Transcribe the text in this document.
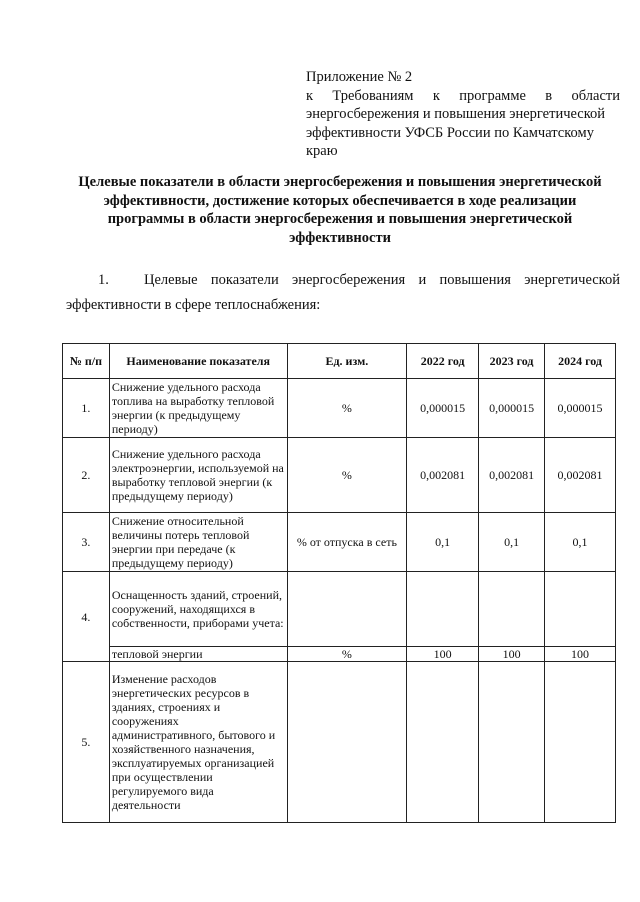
Приложение № 2
к Требованиям к программе в области
энергосбережения и повышения энергетической
эффективности УФСБ России по Камчатскому
краю
Целевые показатели в области энергосбережения и повышения энергетической
эффективности, достижение которых обеспечивается в ходе реализации
программы в области энергосбережения и повышения энергетической
эффективности
1. Целевые показатели энергосбережения и повышения энергетической
эффективности в сфере теплоснабжения:
№ п/п	Наименование показателя	Ед. изм.	2022 год	2023 год	2024 год
1.	Снижение удельного расхода топлива на выработку тепловой энергии (к предыдущему периоду)	%	0,000015	0,000015	0,000015
2.	Снижение удельного расхода электроэнергии, используемой на выработку тепловой энергии (к предыдущему периоду)	%	0,002081	0,002081	0,002081
3.	Снижение относительной величины потерь тепловой энергии при передаче (к предыдущему периоду)	% от отпуска в сеть	0,1	0,1	0,1
4.	Оснащенность зданий, строений, сооружений, находящихся в собственности, приборами учета:				
	тепловой энергии	%	100	100	100
5.	Изменение расходов энергетических ресурсов в зданиях, строениях и сооружениях административного, бытового и хозяйственного назначения, эксплуатируемых организацией при осуществлении регулируемого вида деятельности				
